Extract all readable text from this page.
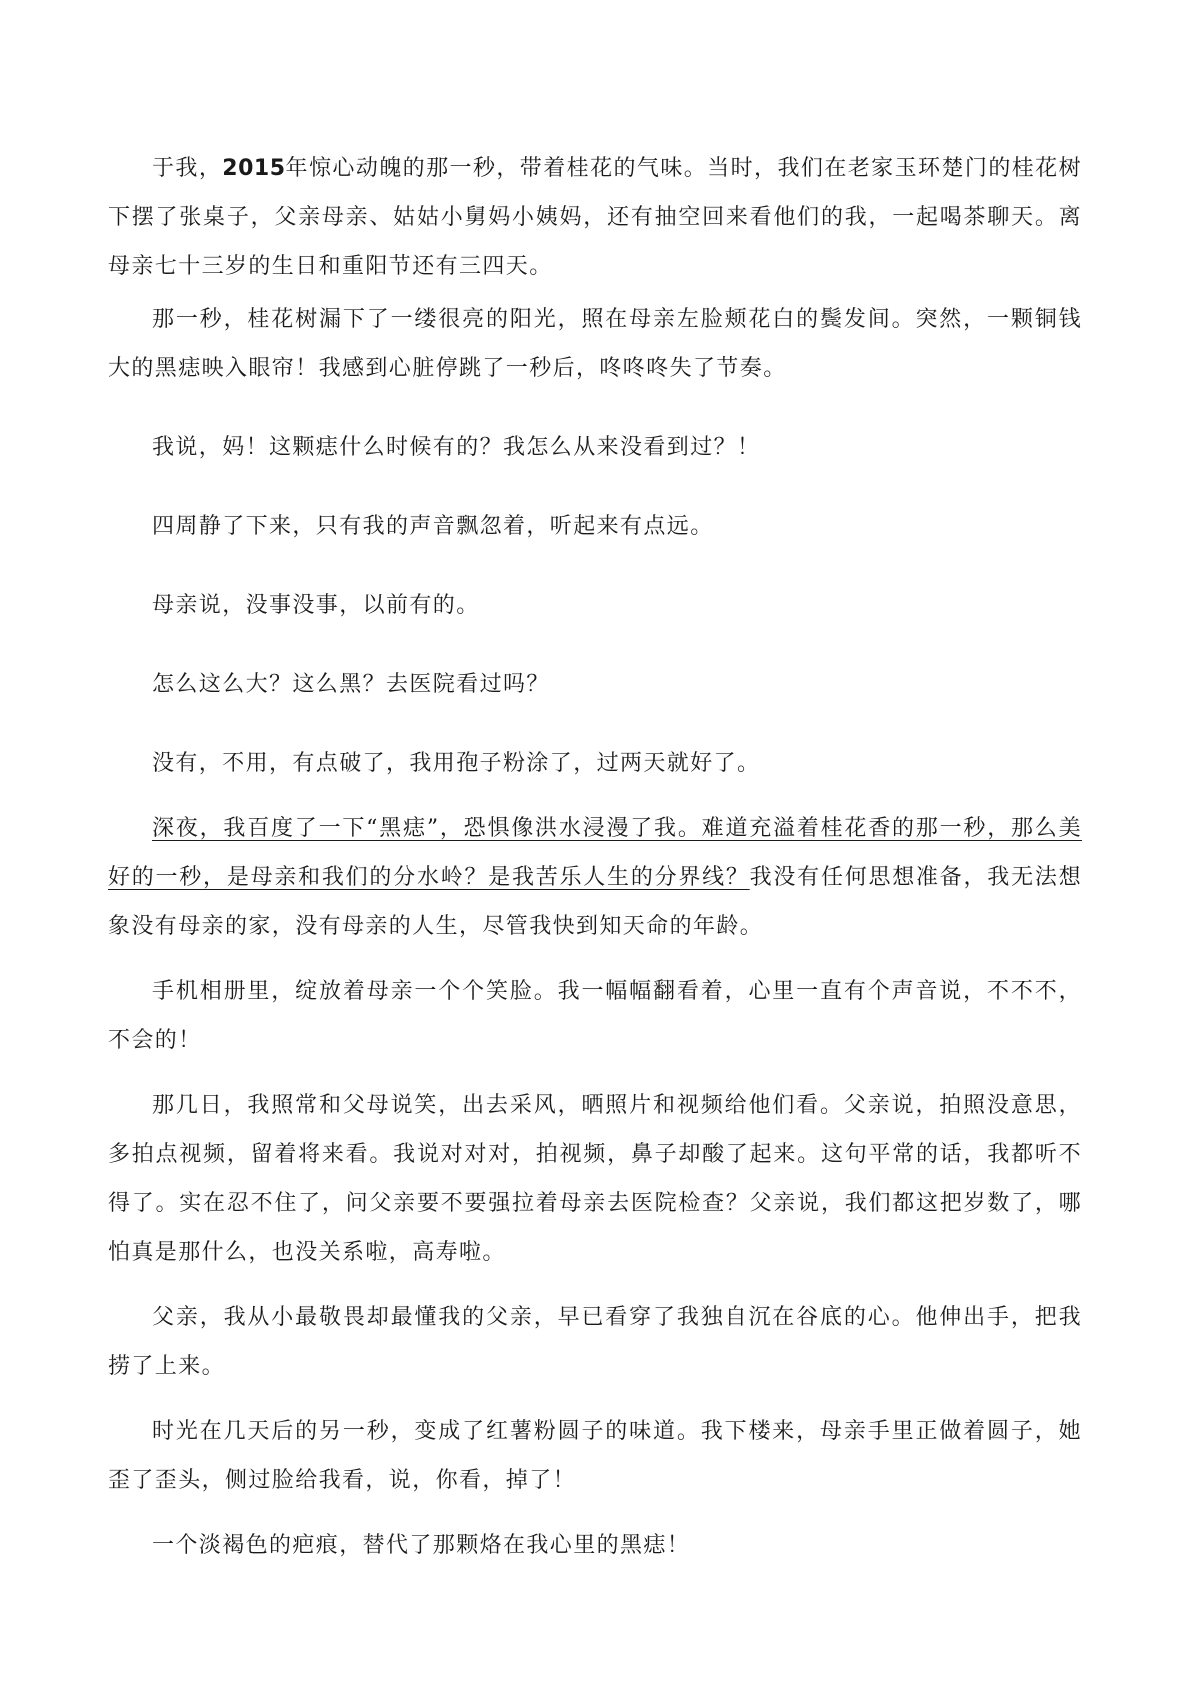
于我，2015年惊心动魄的那一秒，带着桂花的气味。当时，我们在老家玉环楚门的桂花树下摆了张桌子，父亲母亲、姑姑小舅妈小姨妈，还有抽空回来看他们的我，一起喝茶聊天。离母亲七十三岁的生日和重阳节还有三四天。

那一秒，桂花树漏下了一缕很亮的阳光，照在母亲左脸颊花白的鬓发间。突然，一颗铜钱大的黑痣映入眼帘！我感到心脏停跳了一秒后，咚咚咚失了节奏。

我说，妈！这颗痣什么时候有的？我怎么从来没看到过？！

四周静了下来，只有我的声音飘忽着，听起来有点远。

母亲说，没事没事，以前有的。

怎么这么大？这么黑？去医院看过吗？

没有，不用，有点破了，我用孢子粉涂了，过两天就好了。

深夜，我百度了一下“黑痣”，恐惧像洪水浸漫了我。难道充溢着桂花香的那一秒，那么美好的一秒，是母亲和我们的分水岭？是我苦乐人生的分界线？我没有任何思想准备，我无法想象没有母亲的家，没有母亲的人生，尽管我快到知天命的年龄。

手机相册里，绽放着母亲一个个笑脸。我一幅幅翻看着，心里一直有个声音说，不不不，不会的！

那几日，我照常和父母说笑，出去采风，晒照片和视频给他们看。父亲说，拍照没意思，多拍点视频，留着将来看。我说对对对，拍视频，鼻子却酸了起来。这句平常的话，我都听不得了。实在忍不住了，问父亲要不要强拉着母亲去医院检查？父亲说，我们都这把岁数了，哪怕真是那什么，也没关系啦，高寿啦。

父亲，我从小最敬畏却最懂我的父亲，早已看穿了我独自沉在谷底的心。他伸出手，把我捞了上来。

时光在几天后的另一秒，变成了红薯粉圆子的味道。我下楼来，母亲手里正做着圆子，她歪了歪头，侧过脸给我看，说，你看，掉了！

一个淡褐色的疤痕，替代了那颗烙在我心里的黑痣！
